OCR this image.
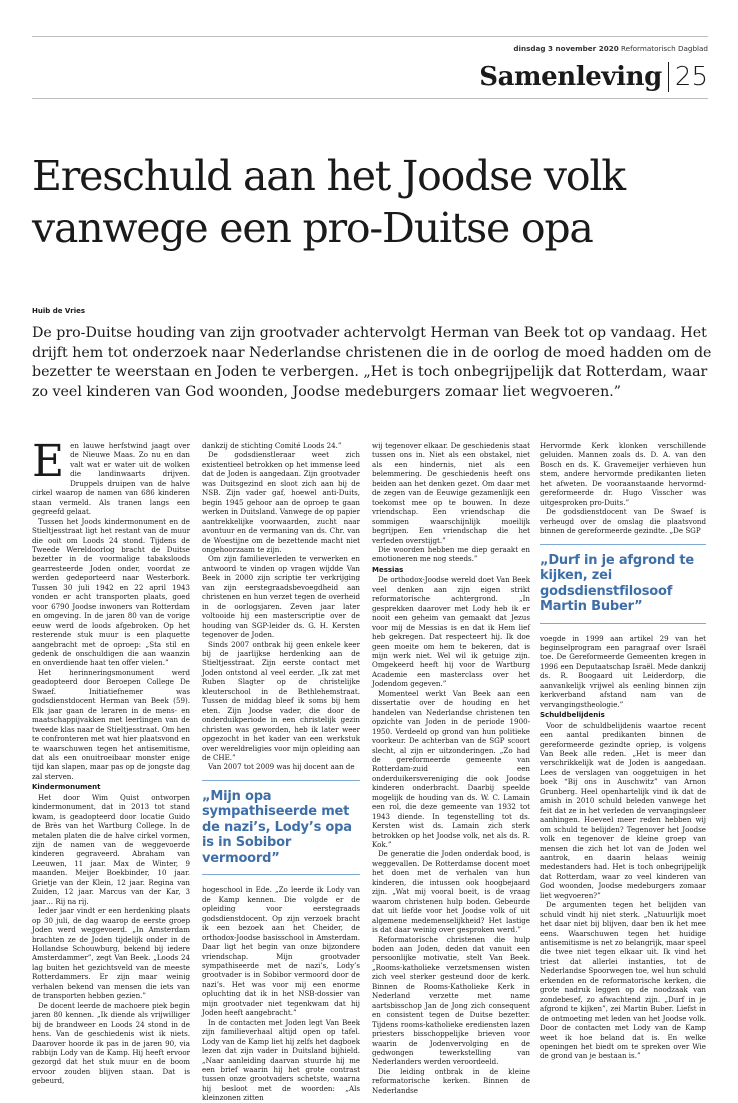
dinsdag 3 november 2020 Reformatorisch Dagblad
Samenleving 25
Ereschuld aan het Joodse volk vanwege een pro-Duitse opa
Huib de Vries

De pro-Duitse houding van zijn grootvader achtervolgt Herman van Beek tot op vandaag. Het drijft hem tot onderzoek naar Nederlandse christenen die in de oorlog de moed hadden om de bezetter te weerstaan en Joden te verbergen. „Het is toch onbegrijpelijk dat Rotterdam, waar zo veel kinderen van God woonden, Joodse medeburgers zomaar liet wegvoeren.”

E en lauwe herfstwind jaagt over de Nieuwe Maas. Zo nu en dan valt wat er water uit de wolken die landinwaarts drijven. Druppels druipen van de halve cirkel waarop de namen van 686 kinderen staan vermeld. Als tranen langs een gegreefd gelaat.

Tussen het Joods kindermonument en de Stieltjesstraat ligt het restant van de muur die ooit om Loods 24 stond. Tijdens de Tweede Wereldoorlog bracht de Duitse bezetter in de voormalige tabaksloods gearresteerde Joden onder, voordat ze werden gedeporteerd naar Westerbork. Tussen 30 juli 1942 en 22 april 1943 vonden er acht transporten plaats, goed voor 6790 Joodse inwoners van Rotterdam en omgeving. In de jaren 80 van de vorige eeuw werd de loods afgebroken. Op het resterende stuk muur is een plaquette aangebracht met de oproep: „Sta stil en gedenk de onschuldigen die aan waanzin en onverdiende haat ten offer vielen.”

Het herinneringsmonument werd geadopteerd door Beroepen College De Swaef. Initiatiefnemer was godsdienstdocent Herman van Beek (59). Elk jaar gaan de leraren in de mens- en maatschappijvakken met leerlingen van de tweede klas naar de Stieltjesstraat. Om hen te confronteren met wat hier plaatsvond en te waarschuwen tegen het antisemitisme, dat als een onuitroeibaar monster enige tijd kan slapen, maar pas op de jongste dag zal sterven.

Kindermonument

Het door Wim Quist ontworpen kindermonument, dat in 2013 tot stand kwam, is geadopteerd door locatie Guido de Brès van het Wartburg College. In de metalen platen die de halve cirkel vormen, zijn de namen van de weggevoerde kinderen gegraveerd. Abraham van Leeuwen, 11 jaar. Max de Winter, 9 maanden. Meijer Boekbinder, 10 jaar. Grietje van der Klein, 12 jaar. Regina van Zuiden, 12 jaar. Marcus van der Kar, 3 jaar… Rij na rij.

Ieder jaar vindt er een herdenking plaats op 30 juli, de dag waarop de eerste groep Joden werd weggevoerd. „In Amsterdam brachten ze de Joden tijdelijk onder in de Hollandse Schouwburg, bekend bij iedere Amsterdammer”, zegt Van Beek. „Loods 24 lag buiten het gezichtsveld van de meeste Rotterdammers. Er zijn maar weinig verhalen bekend van mensen die iets van de transporten hebben gezien.”

De docent leerde de machoere piek begin jaren 80 kennen. „Ik diende als vrijwilliger bij de brandweer en Loods 24 stond in de hens. Van de geschiedenis wist ik niets. Daarover hoorde ik pas in de jaren 90, via rabbijn Lody van de Kamp. Hij heeft ervoor gezorgd dat het stuk muur en de boom ervoor zouden blijven staan. Dat is gebeurd,

dankzij de stichting Comité Loods 24.”

De godsdienstleraar weet zich existentieel betrokken op het immense leed dat de Joden is aangedaan. Zijn grootvader was Duitsgezind en sloot zich aan bij de NSB. Zijn vader gaf, hoewel anti-Duits, begin 1945 gehoor aan de oproep te gaan werken in Duitsland. Vanwege de op papier aantrekkelijke voorwaarden, zucht naar avontuur en de vermaning van ds. Chr. van de Woestijne om de bezettende macht niet ongehoorzaam te zijn.

Om zijn familieverleden te verwerken en antwoord te vinden op vragen wijdde Van Beek in 2000 zijn scriptie ter verkrijging van zijn eerstegraadsbevoegdheid aan christenen en hun verzet tegen de overheid in de oorlogsjaren. Zeven jaar later voltooide hij een masterscriptie over de houding van SGP-leider ds. G. H. Kersten tegenover de Joden.

Sinds 2007 ontbrak hij geen enkele keer bij de jaarlijkse herdenking aan de Stieltjesstraat. Zijn eerste contact met Joden ontstond al veel eerder. „Ik zat met Ruben Slagter op de christelijke kleuterschool in de Bethlehemstraat. Tussen de middag bleef ik soms bij hem eten. Zijn Joodse vader, die door de onderduikperiode in een christelijk gezin christen was geworden, heb ik later weer opgezocht in het kader van een werkstuk over wereldreligies voor mijn opleiding aan de CHE.”

Van 2007 tot 2009 was hij docent aan de

„Mijn opa sympathiseerde met de nazi’s, Lody’s opa is in Sobibor vermoord”

hogeschool in Ede. „Zo leerde ik Lody van de Kamp kennen. Die volgde er de opleiding voor eerstegraads godsdienstdocent. Op zijn verzoek bracht ik een bezoek aan het Cheider, de orthodox-Joodse basisschool in Amsterdam. Daar ligt het begin van onze bijzondere vriendschap. Mijn grootvader sympathiseerde met de nazi’s, Lody’s grootvader is in Sobibor vermoord door de nazi’s. Het was voor mij een enorme opluchting dat ik in het NSB-dossier van mijn grootvader niet tegenkwam dat hij Joden heeft aangebracht.”

In de contacten met Joden legt Van Beek zijn familieverhaal altijd open op tafel. Lody van de Kamp liet hij zelfs het dagboek lezen dat zijn vader in Duitsland bijhield. „Naar aanleiding daarvan stuurde hij me een brief waarin hij het grote contrast tussen onze grootvaders schetste, waarna hij besloot met de woorden: „Als kleinzonen zitten

wij tegenover elkaar. De geschiedenis staat tussen ons in. Niet als een obstakel, niet als een hindernis, niet als een belemmering. De geschiedenis heeft ons beiden aan het denken gezet. Om daar met de zegen van de Eeuwige gezamenlijk een toekomst mee op te bouwen. In deze vriendschap. Een vriendschap die sommigen waarschijnlijk moeilijk begrijpen. Een vriendschap die het verleden overstijgt.”

Die woorden hebben me diep geraakt en emotioneren me nog steeds.”

Messias

De orthodox-Joodse wereld doet Van Beek veel denken aan zijn eigen strikt reformatorische achtergrond. „In gesprekken daarover met Lody heb ik er nooit een geheim van gemaakt dat Jezus voor mij de Messias is en dat ik Hem lief heb gekregen. Dat respecteert hij. Ik doe geen moeite om hem te bekeren, dat is mijn werk niet. Wel wil ik getuige zijn. Omgekeerd heeft hij voor de Wartburg Academie een masterclass over het Jodendom gegeven.”

Momenteel werkt Van Beek aan een dissertatie over de houding en het handelen van Nederlandse christenen ten opzichte van Joden in de periode 1900-1950. Verdeeld op grond van hun politieke voorkeur. De achterban van de SGP scoort slecht, al zijn er uitzonderingen. „Zo had de gereformeerde gemeente van Rotterdam-zuid een onderduikersvereniging die ook Joodse kinderen onderbracht. Daarbij speelde mogelijk de houding van ds. W. C. Lamain een rol, die deze gemeente van 1932 tot 1943 diende. In tegenstelling tot ds. Kersten wist ds. Lamain zich sterk betrokken op het Joodse volk, net als ds. R. Kok.”

De generatie die Joden onderdak bood, is weggevallen. De Rotterdamse docent moet het doen met de verhalen van hun kinderen, die intussen ook hoogbejaard zijn. „Wat mij vooral boeit, is de vraag waarom christenen hulp boden. Gebeurde dat uit liefde voor het Joodse volk of uit algemene medemenselijkheid? Het lastige is dat daar weinig over gesproken werd.”

Reformatorische christenen die hulp boden aan Joden, deden dat vanuit een persoonlijke motivatie, stelt Van Beek. „Rooms-katholieke verzetsmensen wisten zich veel sterker gesteund door de kerk. Binnen de Rooms-Katholieke Kerk in Nederland verzette met name aartsbisschop Jan de Jong zich consequent en consistent tegen de Duitse bezetter. Tijdens rooms-katholieke erediensten lazen priesters bisschoppelijke brieven voor waarin de Jodenvervolging en de gedwongen tewerkstelling van Nederlanders werden veroordeeld.

Die leiding ontbrak in de kleine reformatorische kerken. Binnen de Nederlandse

Hervormde Kerk klonken verschillende geluiden. Mannen zoals ds. D. A. van den Bosch en ds. K. Gravemeijer verhieven hun stem, andere hervormde predikanten lieten het afweten. De vooraanstaande hervormd-gereformeerde dr. Hugo Visscher was uitgesproken pro-Duits.”

De godsdienstdocent van De Swaef is verheugd over de omslag die plaatsvond binnen de gereformeerde gezindte. „De SGP

„Durf in je afgrond te kijken, zei godsdienstfilosoof Martin Buber”

voegde in 1999 aan artikel 29 van het beginselprogram een paragraaf over Israël toe. De Gereformeerde Gemeenten kregen in 1996 een Deputaatschap Israël. Mede dankzij ds. R. Boogaard uit Leiderdorp, die aanvankelijk vrijwel als eenling binnen zijn kerkverband afstand nam van de vervangingstheologie.”

Schuldbelijdenis

Voor de schuldbelijdenis waartoe recent een aantal predikanten binnen de gereformeerde gezindte opriep, is volgens Van Beek alle reden. „Het is meer dan verschrikkelijk wat de Joden is aangedaan. Lees de verslagen van ooggetuigen in het boek “Bij ons in Auschwitz” van Arnon Grunberg. Heel openhartelijk vind ik dat de amish in 2010 schuld beleden vanwege het feit dat ze in het verleden de vervangingsleer aanhingen. Hoeveel meer reden hebben wij om schuld te belijden? Tegenover het Joodse volk en tegenover de kleine groep van mensen die zich het lot van de Joden wel aantrok, en daarin helaas weinig medestanders had. Het is toch onbegrijpelijk dat Rotterdam, waar zo veel kinderen van God woonden, Joodse medeburgers zomaar liet wegvoeren?”

De argumenten tegen het belijden van schuld vindt hij niet sterk. „Natuurlijk moet het daar niet bij blijven, daar ben ik het mee eens. Waarschuwen tegen het huidige antisemitisme is net zo belangrijk, maar speel die twee niet tegen elkaar uit. Ik vind het triest dat allerlei instanties, tot de Nederlandse Spoorwegen toe, wel hun schuld erkenden en de reformatorische kerken, die grote nadruk leggen op de noodzaak van zondebesef, zo afwachtend zijn. „Durf in je afgrond te kijken”, zei Martin Buber. Liefst in de ontmoeting met leden van het Joodse volk. Door de contacten met Lody van de Kamp weet ik hoe beland dat is. En welke openingen het biedt om te spreken over Wie de grond van je bestaan is.”
